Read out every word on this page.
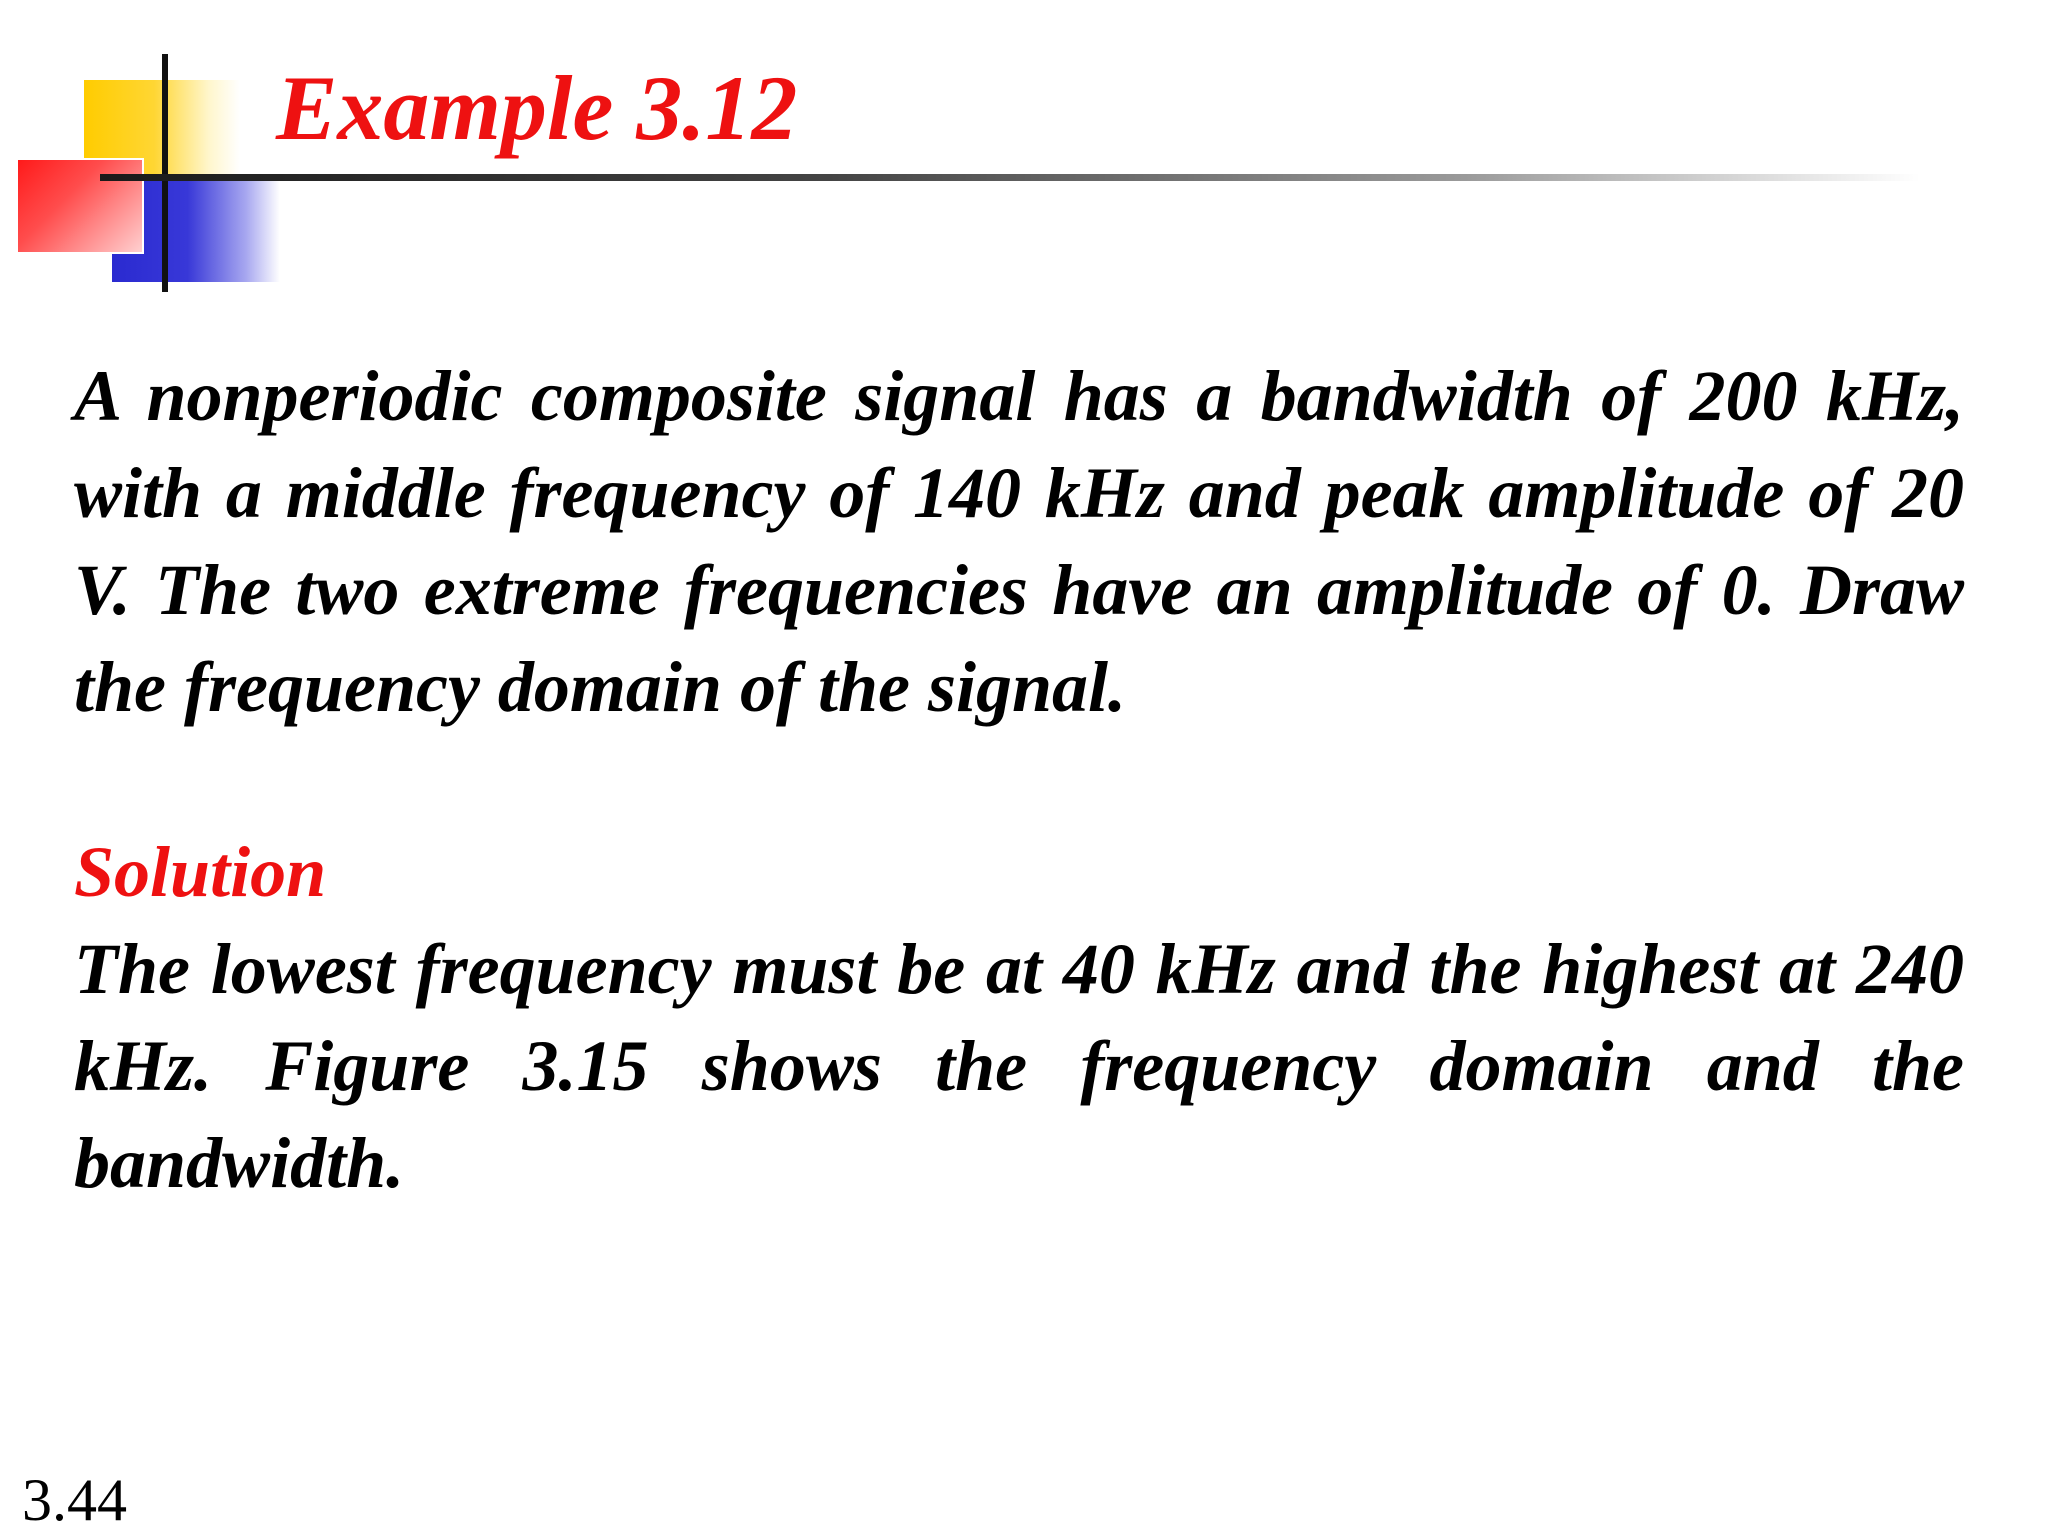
Example 3.12

A nonperiodic composite signal has a bandwidth of 200 kHz, with a middle frequency of 140 kHz and peak amplitude of 20 V. The two extreme frequencies have an amplitude of 0. Draw the frequency domain of the signal.

Solution

The lowest frequency must be at 40 kHz and the highest at 240 kHz. Figure 3.15 shows the frequency domain and the bandwidth.

3.44
